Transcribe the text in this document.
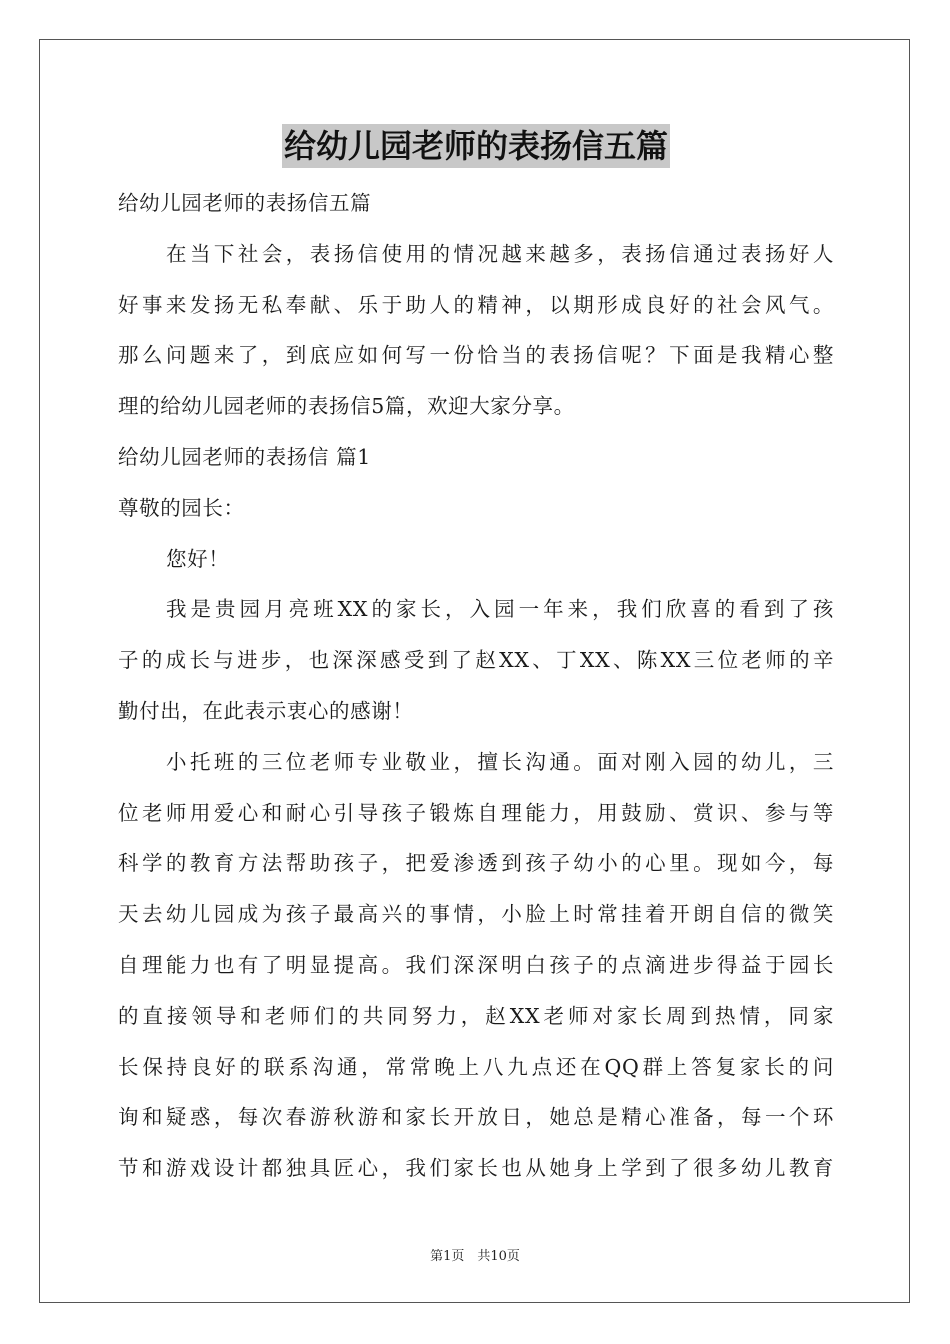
给幼儿园老师的表扬信五篇
给幼儿园老师的表扬信五篇
在当下社会，表扬信使用的情况越来越多，表扬信通过表扬好人
好事来发扬无私奉献、乐于助人的精神，以期形成良好的社会风气。
那么问题来了，到底应如何写一份恰当的表扬信呢？下面是我精心整
理的给幼儿园老师的表扬信5篇，欢迎大家分享。
给幼儿园老师的表扬信 篇1
尊敬的园长：
您好！
我是贵园月亮班XX的家长，入园一年来，我们欣喜的看到了孩
子的成长与进步，也深深感受到了赵XX、丁XX、陈XX三位老师的辛
勤付出，在此表示衷心的感谢！
小托班的三位老师专业敬业，擅长沟通。面对刚入园的幼儿，三
位老师用爱心和耐心引导孩子锻炼自理能力，用鼓励、赏识、参与等
科学的教育方法帮助孩子，把爱渗透到孩子幼小的心里。现如今，每
天去幼儿园成为孩子最高兴的事情，小脸上时常挂着开朗自信的微笑
自理能力也有了明显提高。我们深深明白孩子的点滴进步得益于园长
的直接领导和老师们的共同努力，赵XX老师对家长周到热情，同家
长保持良好的联系沟通，常常晚上八九点还在QQ群上答复家长的问
询和疑惑，每次春游秋游和家长开放日，她总是精心准备，每一个环
节和游戏设计都独具匠心，我们家长也从她身上学到了很多幼儿教育
第1页　共10页
